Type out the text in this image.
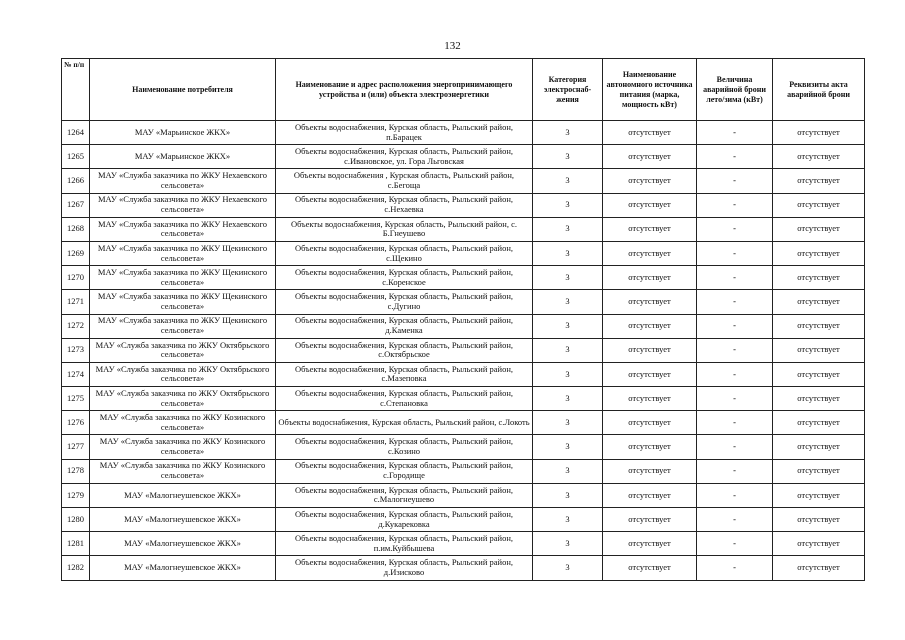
132
№ п/п	Наименование потребителя	Наименование и адрес расположения энергопринимающего устройства и (или) объекта электроэнергетики	Категория электроснаб-жения	Наименование автономного источника питания (марка, мощность кВт)	Величина аварийной брони лето/зима (кВт)	Реквизиты акта аварийной брони
1264	МАУ «Марьинское ЖКХ»	Объекты водоснабжения, Курская область, Рыльский район, п.Барацек	3	отсутствует	-	отсутствует
1265	МАУ «Марьинское ЖКХ»	Объекты водоснабжения, Курская область, Рыльский район, с.Ивановское, ул. Гора Льговская	3	отсутствует	-	отсутствует
1266	МАУ «Служба заказчика по ЖКУ Нехаевского сельсовета»	Объекты водоснабжения , Курская область, Рыльский район, с.Бегоща	3	отсутствует	-	отсутствует
1267	МАУ «Служба заказчика по ЖКУ Нехаевского сельсовета»	Объекты водоснабжения, Курская область, Рыльский район, с.Нехаевка	3	отсутствует	-	отсутствует
1268	МАУ «Служба заказчика по ЖКУ Нехаевского сельсовета»	Объекты водоснабжения, Курская область, Рыльский район, с. Б.Гнеушево	3	отсутствует	-	отсутствует
1269	МАУ «Служба заказчика по ЖКУ Щекинского сельсовета»	Объекты водоснабжения, Курская область, Рыльский район, с.Щекино	3	отсутствует	-	отсутствует
1270	МАУ «Служба заказчика по ЖКУ Щекинского сельсовета»	Объекты водоснабжения, Курская область, Рыльский район, с.Коренское	3	отсутствует	-	отсутствует
1271	МАУ «Служба заказчика по ЖКУ Щекинского сельсовета»	Объекты водоснабжения, Курская область, Рыльский район, с.Дугино	3	отсутствует	-	отсутствует
1272	МАУ «Служба заказчика по ЖКУ Щекинского сельсовета»	Объекты водоснабжения, Курская область, Рыльский район, д.Каменка	3	отсутствует	-	отсутствует
1273	МАУ «Служба заказчика по ЖКУ Октябрьского сельсовета»	Объекты водоснабжения, Курская область, Рыльский район, с.Октябрьское	3	отсутствует	-	отсутствует
1274	МАУ «Служба заказчика по ЖКУ Октябрьского сельсовета»	Объекты водоснабжения, Курская область, Рыльский район, с.Мазеповка	3	отсутствует	-	отсутствует
1275	МАУ «Служба заказчика по ЖКУ Октябрьского сельсовета»	Объекты водоснабжения, Курская область, Рыльский район, с.Степановка	3	отсутствует	-	отсутствует
1276	МАУ «Служба заказчика по ЖКУ Козинского сельсовета»	Объекты водоснабжения, Курская область, Рыльский район, с.Локоть	3	отсутствует	-	отсутствует
1277	МАУ «Служба заказчика по ЖКУ Козинского сельсовета»	Объекты водоснабжения, Курская область, Рыльский район, с.Козино	3	отсутствует	-	отсутствует
1278	МАУ «Служба заказчика по ЖКУ Козинского сельсовета»	Объекты водоснабжения, Курская область, Рыльский район, с.Городище	3	отсутствует	-	отсутствует
1279	МАУ «Малогнеушевское ЖКХ»	Объекты водоснабжения, Курская область, Рыльский район, с.Малогнеушево	3	отсутствует	-	отсутствует
1280	МАУ «Малогнеушевское ЖКХ»	Объекты водоснабжения, Курская область, Рыльский район, д.Кукарековка	3	отсутствует	-	отсутствует
1281	МАУ «Малогнеушевское ЖКХ»	Объекты водоснабжения, Курская область, Рыльский район, п.им.Куйбышева	3	отсутствует	-	отсутствует
1282	МАУ «Малогнеушевское ЖКХ»	Объекты водоснабжения, Курская область, Рыльский район, д.Изисково	3	отсутствует	-	отсутствует
